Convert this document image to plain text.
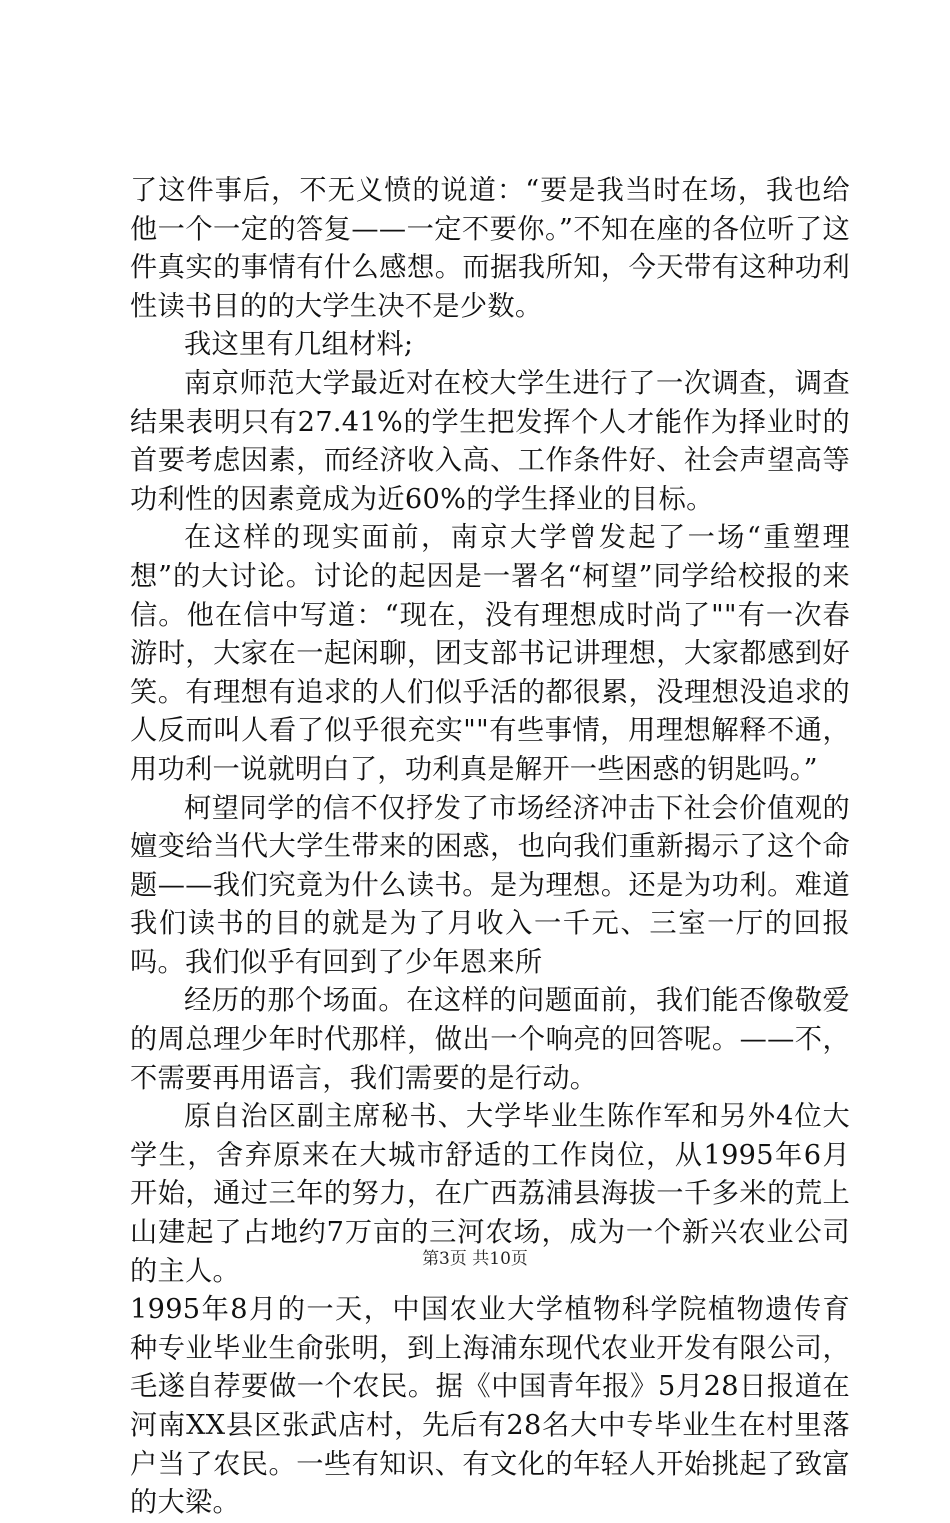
了这件事后，不无义愤的说道：“要是我当时在场，我也给他一个一定的答复——一定不要你。”不知在座的各位听了这件真实的事情有什么感想。而据我所知，今天带有这种功利性读书目的的大学生决不是少数。

我这里有几组材料;

南京师范大学最近对在校大学生进行了一次调查，调查结果表明只有27.41%的学生把发挥个人才能作为择业时的首要考虑因素，而经济收入高、工作条件好、社会声望高等功利性的因素竟成为近60%的学生择业的目标。

在这样的现实面前，南京大学曾发起了一场“重塑理想”的大讨论。讨论的起因是一署名“柯望”同学给校报的来信。他在信中写道：“现在，没有理想成时尚了""有一次春游时，大家在一起闲聊，团支部书记讲理想，大家都感到好笑。有理想有追求的人们似乎活的都很累，没理想没追求的人反而叫人看了似乎很充实""有些事情，用理想解释不通，用功利一说就明白了，功利真是解开一些困惑的钥匙吗。”

柯望同学的信不仅抒发了市场经济冲击下社会价值观的嬗变给当代大学生带来的困惑，也向我们重新揭示了这个命题——我们究竟为什么读书。是为理想。还是为功利。难道我们读书的目的就是为了月收入一千元、三室一厅的回报吗。我们似乎有回到了少年恩来所

经历的那个场面。在这样的问题面前，我们能否像敬爱的周总理少年时代那样，做出一个响亮的回答呢。——不，不需要再用语言，我们需要的是行动。

原自治区副主席秘书、大学毕业生陈作军和另外4位大学生，舍弃原来在大城市舒适的工作岗位，从1995年6月开始，通过三年的努力，在广西荔浦县海拔一千多米的荒上山建起了占地约7万亩的三河农场，成为一个新兴农业公司的主人。

1995年8月的一天，中国农业大学植物科学院植物遗传育种专业毕业生俞张明，到上海浦东现代农业开发有限公司，毛遂自荐要做一个农民。据《中国青年报》5月28日报道在河南XX县区张武店村，先后有28名大中专毕业生在村里落户当了农民。一些有知识、有文化的年轻人开始挑起了致富的大梁。

第3页 共10页
